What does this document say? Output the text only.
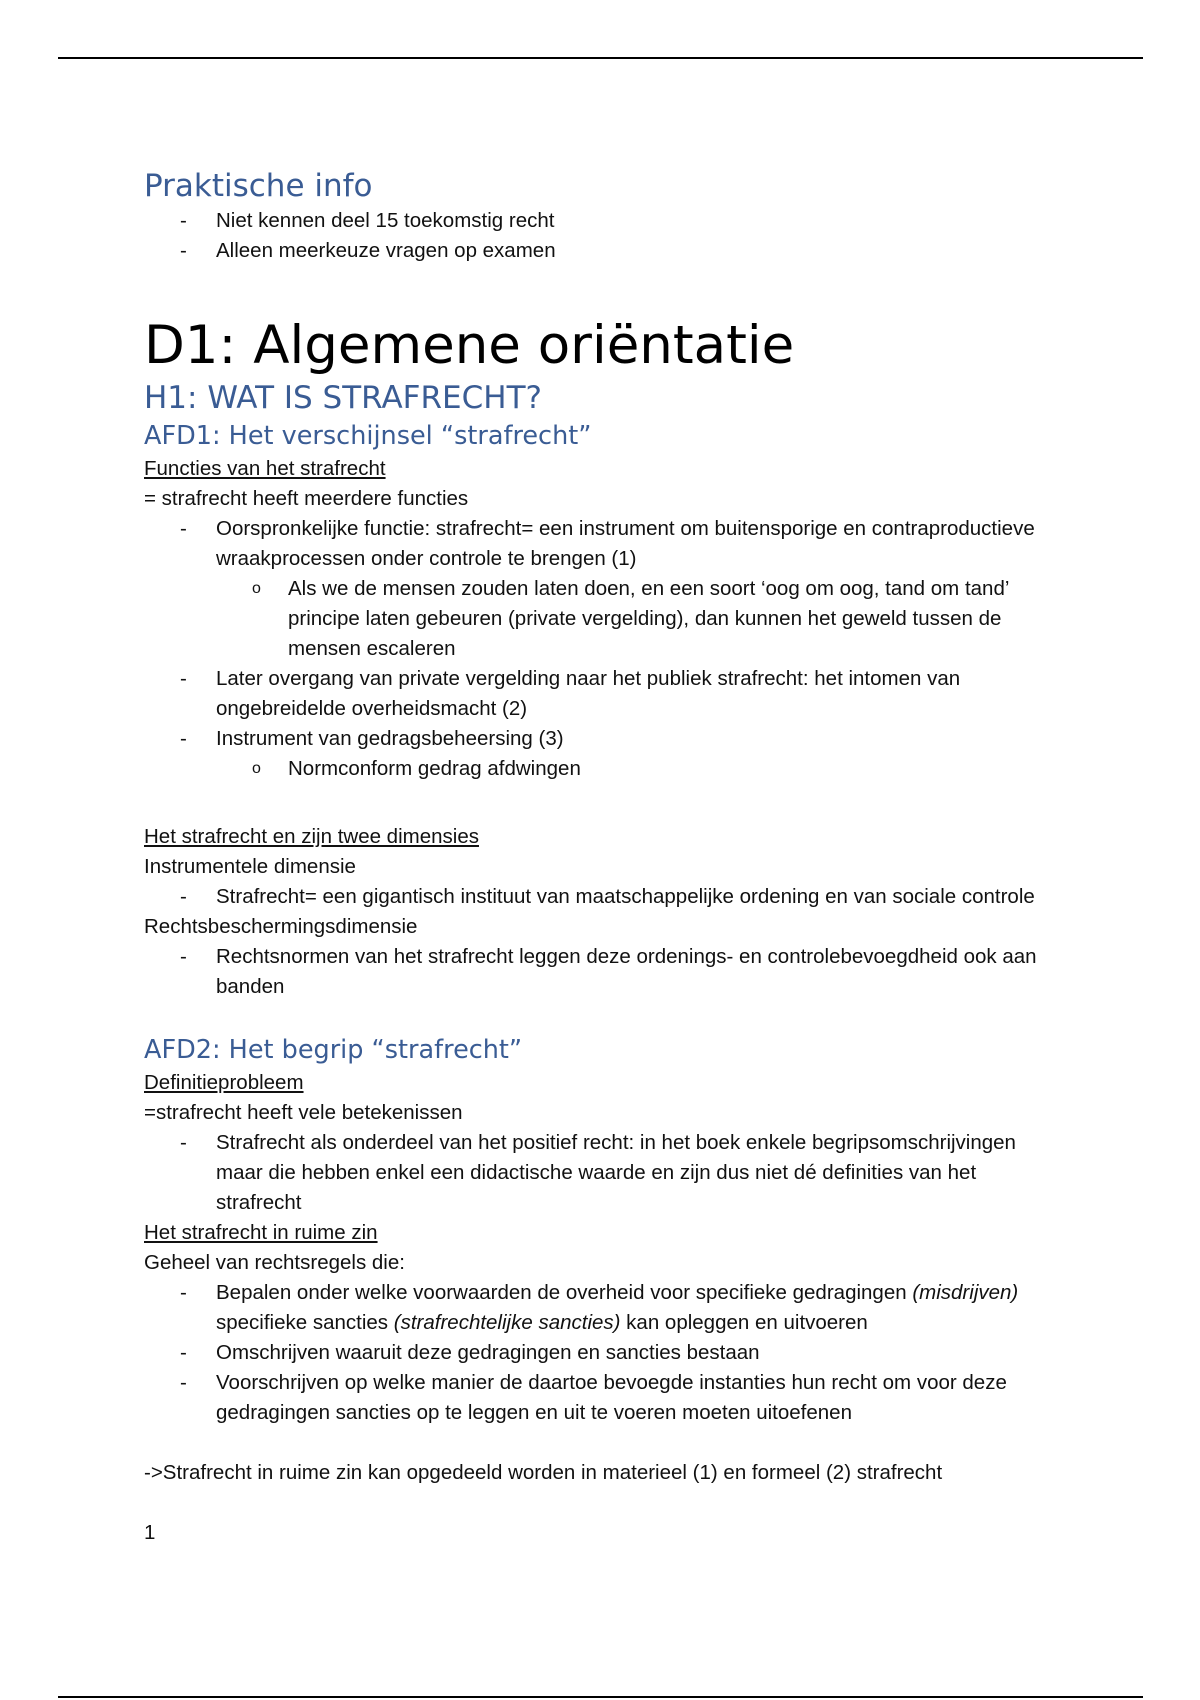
Praktische info
- Niet kennen deel 15 toekomstig recht
- Alleen meerkeuze vragen op examen
D1: Algemene oriëntatie
H1: WAT IS STRAFRECHT?
AFD1: Het verschijnsel “strafrecht”
Functies van het strafrecht
= strafrecht heeft meerdere functies
- Oorspronkelijke functie: strafrecht= een instrument om buitensporige en contraproductieve wraakprocessen onder controle te brengen (1)
o Als we de mensen zouden laten doen, en een soort ‘oog om oog, tand om tand’ principe laten gebeuren (private vergelding), dan kunnen het geweld tussen de mensen escaleren
- Later overgang van private vergelding naar het publiek strafrecht: het intomen van ongebreidelde overheidsmacht (2)
- Instrument van gedragsbeheersing (3)
o Normconform gedrag afdwingen
Het strafrecht en zijn twee dimensies
Instrumentele dimensie
- Strafrecht= een gigantisch instituut van maatschappelijke ordening en van sociale controle
Rechtsbeschermingsdimensie
- Rechtsnormen van het strafrecht leggen deze ordenings- en controlebevoegdheid ook aan banden
AFD2: Het begrip “strafrecht”
Definitieprobleem
=strafrecht heeft vele betekenissen
- Strafrecht als onderdeel van het positief recht: in het boek enkele begripsomschrijvingen maar die hebben enkel een didactische waarde en zijn dus niet dé definities van het strafrecht
Het strafrecht in ruime zin
Geheel van rechtsregels die:
- Bepalen onder welke voorwaarden de overheid voor specifieke gedragingen (misdrijven) specifieke sancties (strafrechtelijke sancties) kan opleggen en uitvoeren
- Omschrijven waaruit deze gedragingen en sancties bestaan
- Voorschrijven op welke manier de daartoe bevoegde instanties hun recht om voor deze gedragingen sancties op te leggen en uit te voeren moeten uitoefenen
->Strafrecht in ruime zin kan opgedeeld worden in materieel (1) en formeel (2) strafrecht
1
